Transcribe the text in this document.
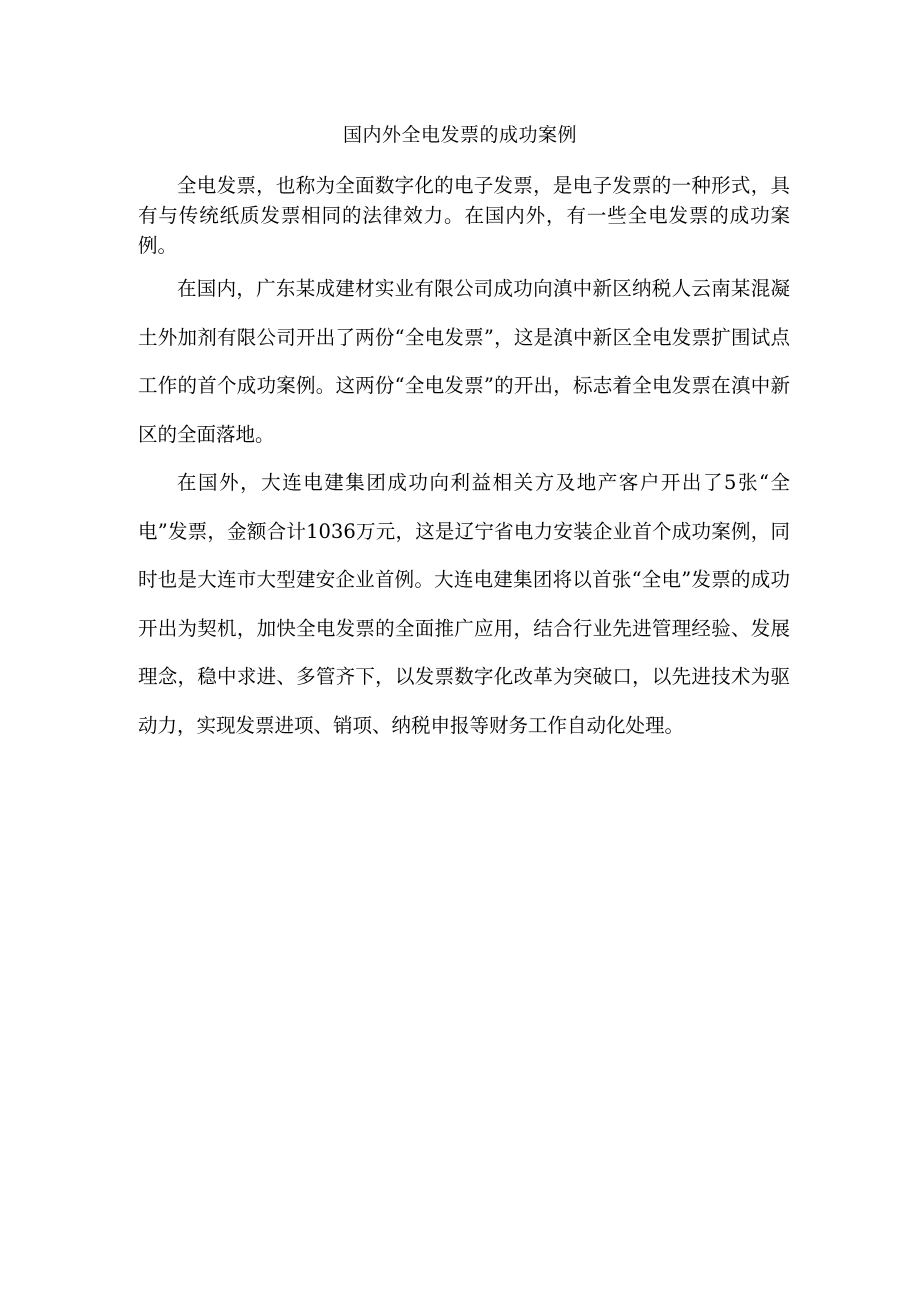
国内外全电发票的成功案例

全电发票，也称为全面数字化的电子发票，是电子发票的一种形式，具有与传统纸质发票相同的法律效力。在国内外，有一些全电发票的成功案例。

在国内，广东某成建材实业有限公司成功向滇中新区纳税人云南某混凝土外加剂有限公司开出了两份“全电发票”，这是滇中新区全电发票扩围试点工作的首个成功案例。这两份“全电发票”的开出，标志着全电发票在滇中新区的全面落地。

在国外，大连电建集团成功向利益相关方及地产客户开出了5张“全电”发票，金额合计1036万元，这是辽宁省电力安装企业首个成功案例，同时也是大连市大型建安企业首例。大连电建集团将以首张“全电”发票的成功开出为契机，加快全电发票的全面推广应用，结合行业先进管理经验、发展理念，稳中求进、多管齐下，以发票数字化改革为突破口，以先进技术为驱动力，实现发票进项、销项、纳税申报等财务工作自动化处理。
